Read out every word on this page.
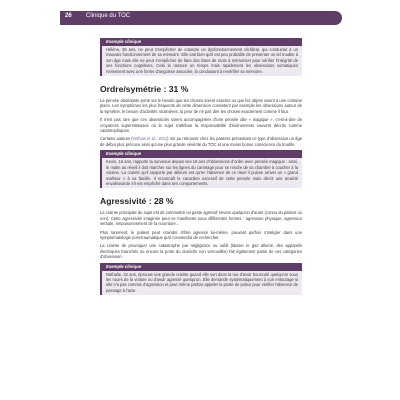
26 Clinique du TOC
Exemple clinique

Hélène, 26 ans, ne peut s'empêcher de craindre un dysfonctionnement cérébral, qui conduirait à un mauvais fonctionnement de sa mémoire. Elle sait bien qu'il est peu probable de présenter un tel trouble à son âge mais elle ne peut s'empêcher de faire des listes de mots à mémoriser pour vérifier l'intégrité de ses fonctions cognitives. Cela la rassure un temps mais rapidement les obsessions somatiques reviennent avec une forme d'angoisse associée, la conduisant à revérifier sa mémoire.

Ordre/symétrie : 31 %

La pensée obsédante porte sur le besoin que les choses soient exactes ou que les objets soient à une certaine place. Les symptômes les plus fréquents de cette dimension consistent par exemple les obsessions autour de la symétrie, le besoin d'activités routinières, la peur de ne pas dire les choses exactement comme il faut.

Il n'est pas rare que ces obsessions soient accompagnées d'une pensée dite « magique », c'est-à-dire de croyances superstitieuses où le sujet s'attribue la responsabilité d'événements souvent décrits comme catastrophiques.

Certains auteurs (Velhuis et al., 2011) ont pu retrouver chez les patients présentant ce type d'obsession un âge de début plus précoce ainsi qu'une plus grande sévérité du TOC et une moins bonne conscience du trouble.

Exemple clinique

Kevin, 16 ans, rapporte la survenue depuis ses 16 ans d'obsessions d'ordre avec pensée magique : ainsi, le matin au réveil il doit marcher sur les lignes du carrelage pour se rendre de sa chambre à coucher à la cuisine. La crainte qu'il rapporte par ailleurs est qu'en l'absence de ce rituel il puisse arriver un « grand malheur » à sa famille. Il reconnaît le caractère excessif de cette pensée mais décrit une anxiété envahissante s'il est empêché dans ses comportements.

Agressivité : 28 %

La crainte principale du sujet est de commettre un geste agressif envers quelqu'un d'autre (connu du patient ou non). Cette agressivité imaginée peut se manifester sous différentes formes : agression physique, agression verbale, empoisonnement de la nourriture...

Plus rarement, le patient peut craindre d'être agressé lui-même, pouvant parfois s'intégrer dans une symptomatologie post-traumatique qu'il conviendra de rechercher.

La crainte de provoquer une catastrophe par négligence ou oubli (laisser le gaz allumé, des appareils électriques branchés ou encore la porte du domicile non verrouillée) fait également partie de ces catégories d'obsession.

Exemple clinique

Nathalie, 32 ans, éprouve une grande crainte quand elle sort dans la rue d'avoir bousculé quelqu'un sous les roues de la voiture ou d'avoir agressé quelqu'un. Elle demande systématiquement à son entourage si elle n'a pas commis d'agression et peut même parfois appeler la poste de police pour vérifier l'absence de passage à l'acte.
